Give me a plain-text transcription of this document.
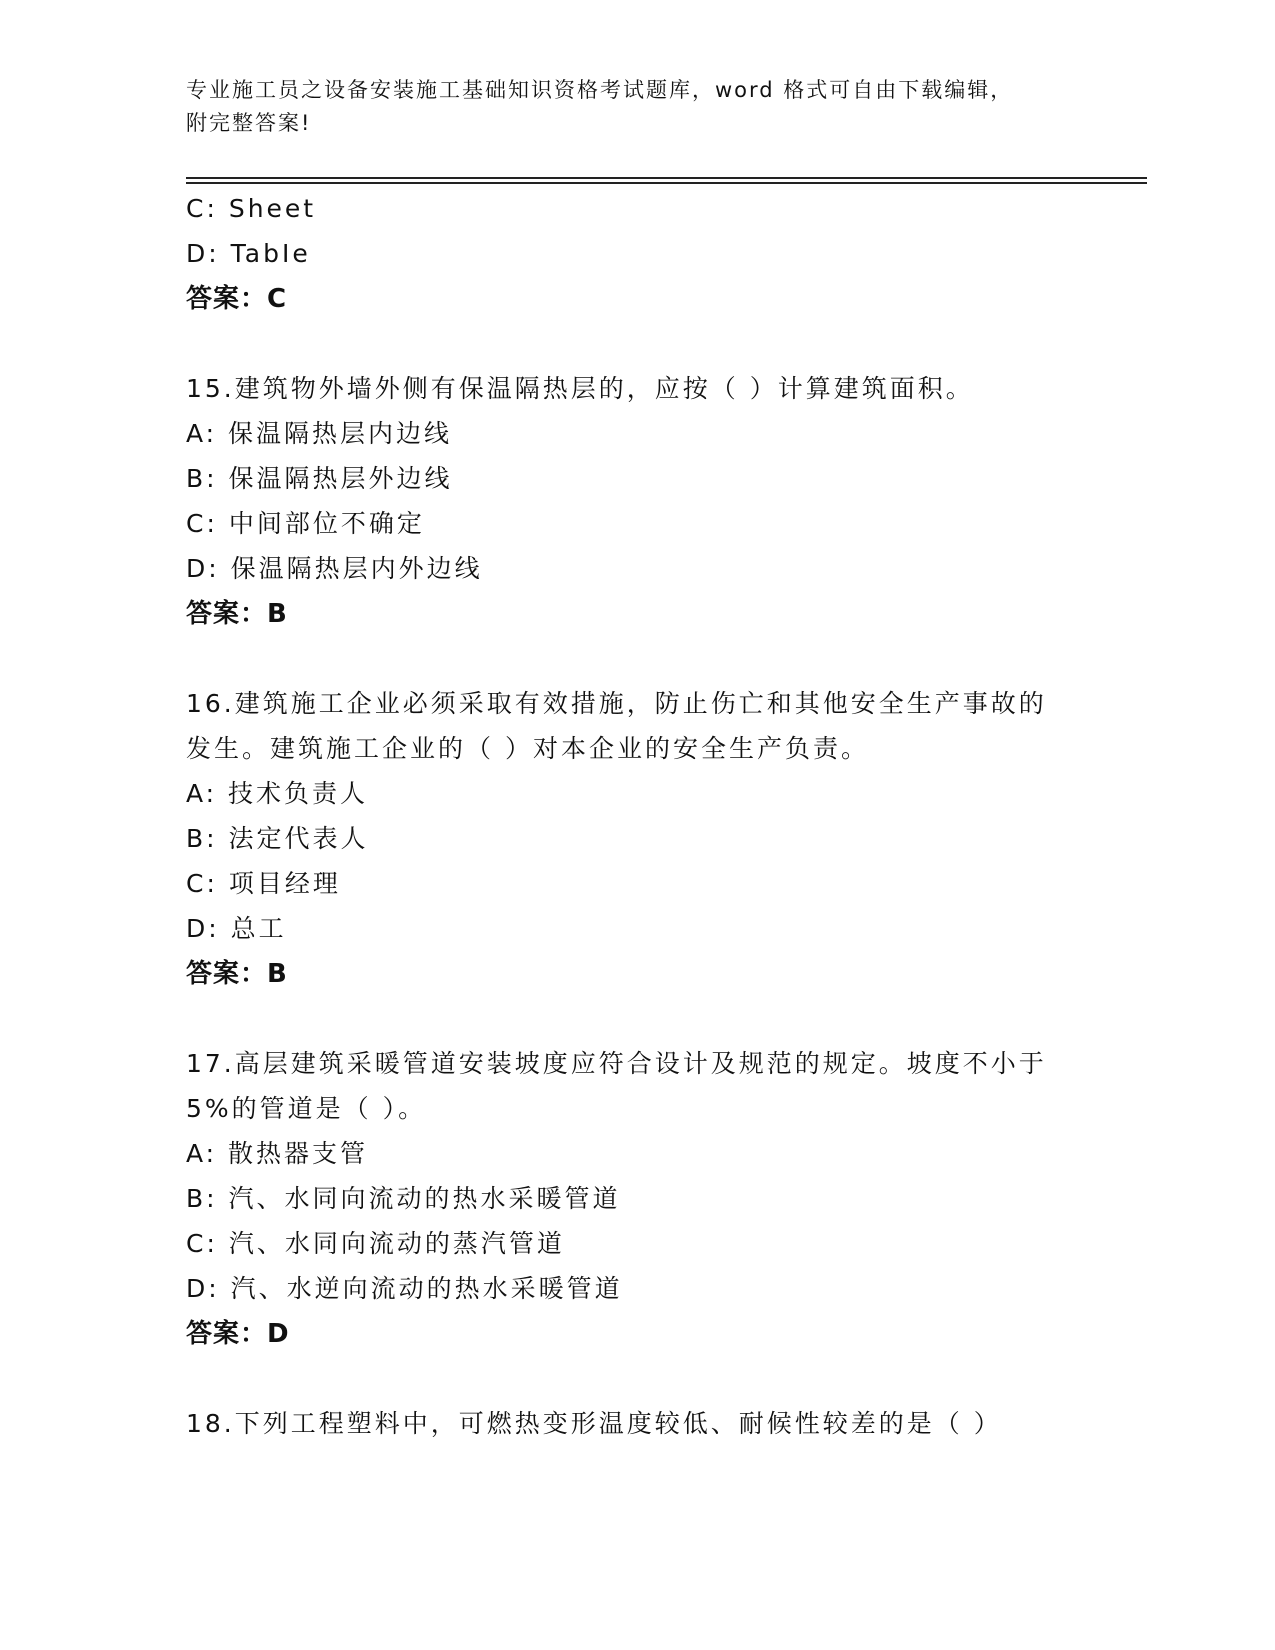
专业施工员之设备安装施工基础知识资格考试题库，word 格式可自由下载编辑，
附完整答案!
C: Sheet
D: TabIe
答案：C
15.建筑物外墙外侧有保温隔热层的，应按（ ）计算建筑面积。
A: 保温隔热层内边线
B: 保温隔热层外边线
C: 中间部位不确定
D: 保温隔热层内外边线
答案：B
16.建筑施工企业必须采取有效措施，防止伤亡和其他安全生产事故的
发生。建筑施工企业的（ ）对本企业的安全生产负责。
A: 技术负责人
B: 法定代表人
C: 项目经理
D: 总工
答案：B
17.高层建筑采暖管道安装坡度应符合设计及规范的规定。坡度不小于
5%的管道是（ ）。
A: 散热器支管
B: 汽、水同向流动的热水采暖管道
C: 汽、水同向流动的蒸汽管道
D: 汽、水逆向流动的热水采暖管道
答案：D
18.下列工程塑料中，可燃热变形温度较低、耐候性较差的是（ ）
